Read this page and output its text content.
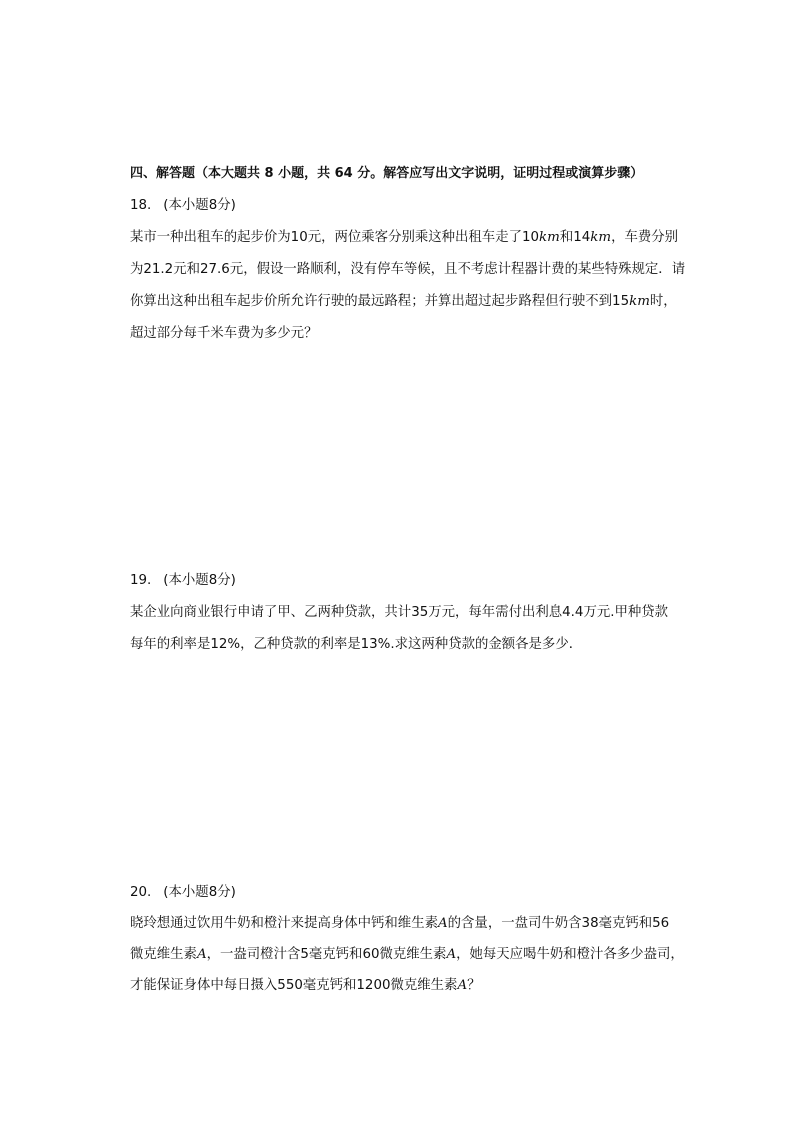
四、解答题（本大题共 8 小题，共 64 分。解答应写出文字说明，证明过程或演算步骤）
18. (本小题8分)
某市一种出租车的起步价为10元，两位乘客分别乘这种出租车走了10km和14km，车费分别
为21.2元和27.6元，假设一路顺利，没有停车等候，且不考虑计程器计费的某些特殊规定．请
你算出这种出租车起步价所允许行驶的最远路程；并算出超过起步路程但行驶不到15km时，
超过部分每千米车费为多少元？
19. (本小题8分)
某企业向商业银行申请了甲、乙两种贷款，共计35万元，每年需付出利息4.4万元.甲种贷款
每年的利率是12%，乙种贷款的利率是13%.求这两种贷款的金额各是多少．
20. (本小题8分)
晓玲想通过饮用牛奶和橙汁来提高身体中钙和维生素A的含量，一盘司牛奶含38毫克钙和56
微克维生素A，一盎司橙汁含5毫克钙和60微克维生素A，她每天应喝牛奶和橙汁各多少盎司，
才能保证身体中每日摄入550毫克钙和1200微克维生素A？
